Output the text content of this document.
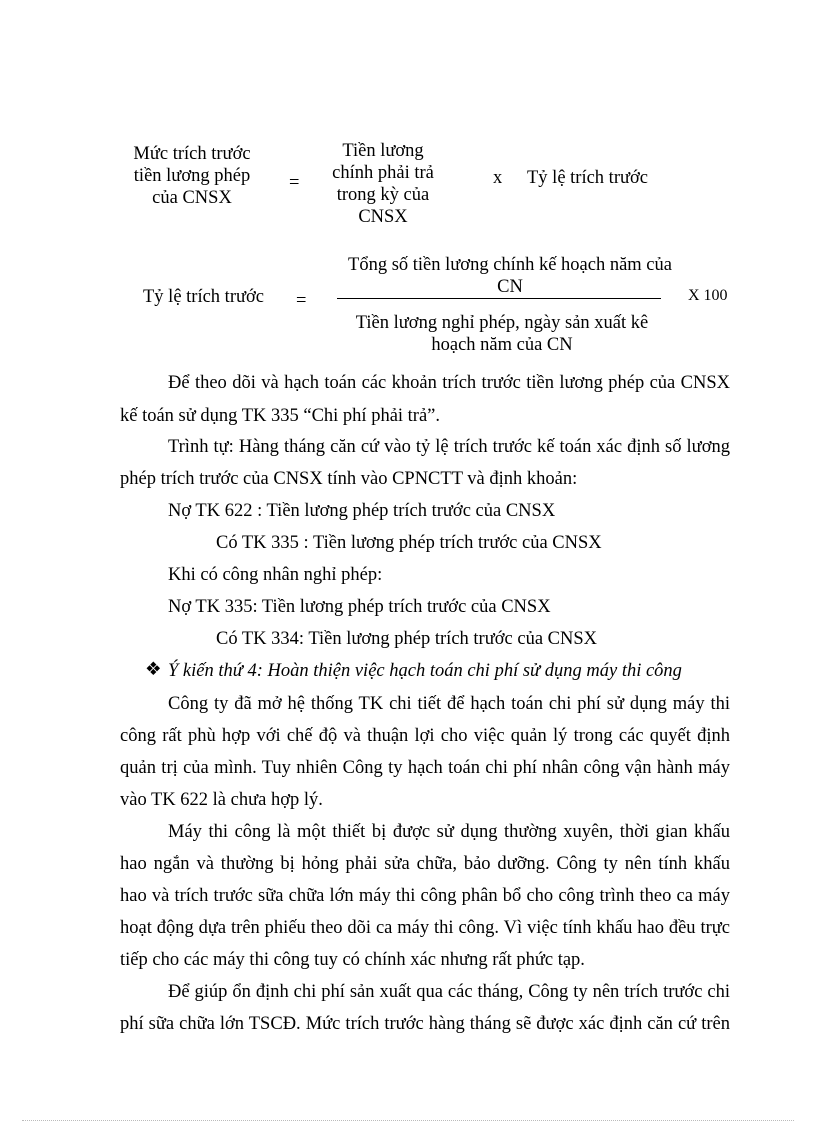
Mức trích trước
tiền lương phép
của CNSX
=
Tiền lương
chính phải trả
trong kỳ của
CNSX
x Tỷ lệ trích trước
Tỷ lệ trích trước =
Tổng số tiền lương chính kế hoạch năm của
CN
Tiền lương nghỉ phép, ngày sản xuất kê
hoạch năm của CN
X 100
Để theo dõi và hạch toán các khoản trích trước tiền lương phép của CNSX
kế toán sử dụng TK 335 “Chi phí phải trả”.
Trình tự: Hàng tháng căn cứ vào tỷ lệ trích trước kế toán xác định số lương
phép trích trước của CNSX tính vào CPNCTT và định khoản:
Nợ TK 622 : Tiền lương phép trích trước của CNSX
Có TK 335 : Tiền lương phép trích trước của CNSX
Khi có công nhân nghỉ phép:
Nợ TK 335: Tiền lương phép trích trước của CNSX
Có TK 334: Tiền lương phép trích trước của CNSX
❖ Ý kiến thứ 4: Hoàn thiện việc hạch toán chi phí sử dụng máy thi công
Công ty đã mở hệ thống TK chi tiết để hạch toán chi phí sử dụng máy thi
công rất phù hợp với chế độ và thuận lợi cho việc quản lý trong các quyết định
quản trị của mình. Tuy nhiên Công ty hạch toán chi phí nhân công vận hành máy
vào TK 622 là chưa hợp lý.
Máy thi công là một thiết bị được sử dụng thường xuyên, thời gian khấu
hao ngắn và thường bị hỏng phải sửa chữa, bảo dưỡng. Công ty nên tính khấu
hao và trích trước sữa chữa lớn máy thi công phân bổ cho công trình theo ca máy
hoạt động dựa trên phiếu theo dõi ca máy thi công. Vì việc tính khấu hao đều trực
tiếp cho các máy thi công tuy có chính xác nhưng rất phức tạp.
Để giúp ổn định chi phí sản xuất qua các tháng, Công ty nên trích trước chi
phí sữa chữa lớn TSCĐ. Mức trích trước hàng tháng sẽ được xác định căn cứ trên
